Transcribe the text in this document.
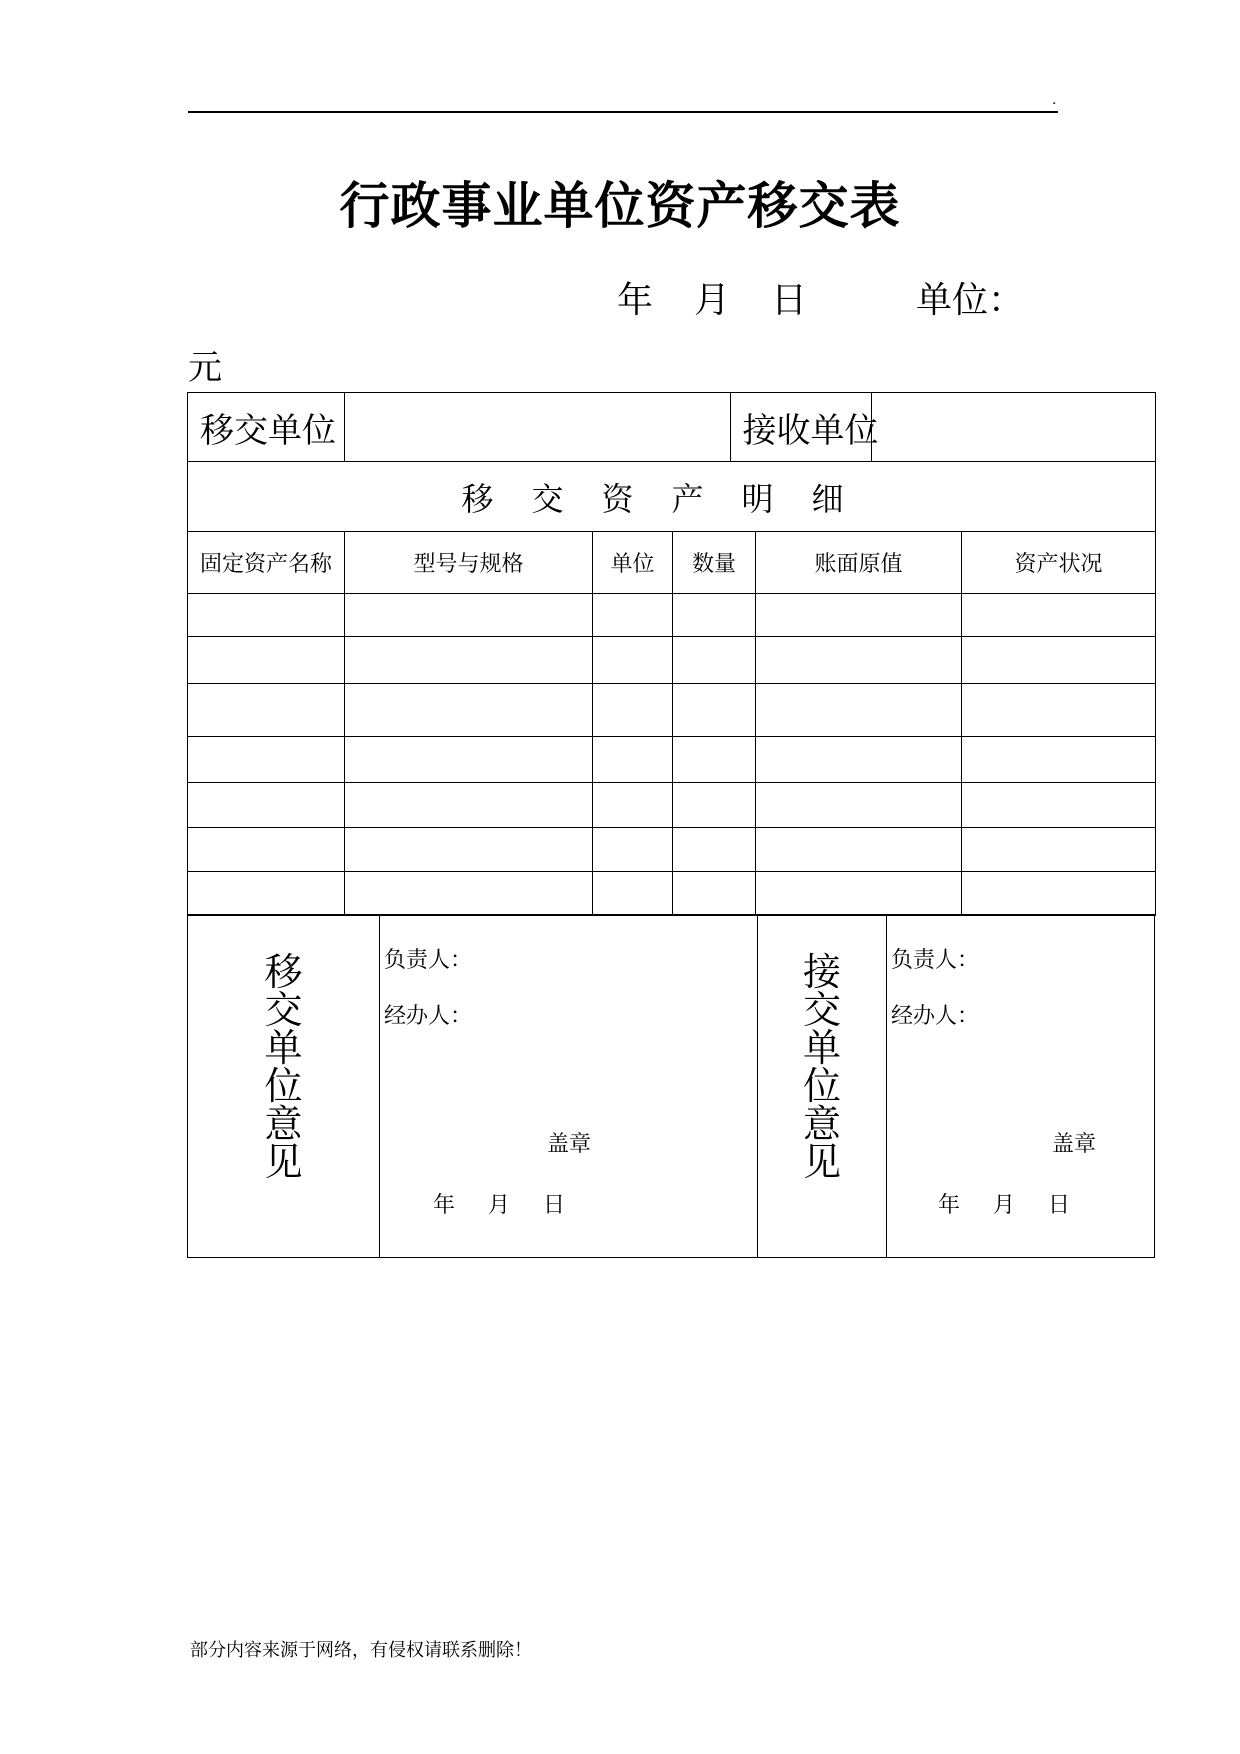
.
行政事业单位资产移交表
年 月 日	单位：
元
移交单位			接收单位		

移交资产明细					
固定资产名称	型号与规格	单位	数量	账面原值	资产状况

移
交
单
位
意
见

负责人：
经办人：
盖章
年 月 日

接
交
单
位
意
见

负责人：
经办人：
盖章
年 月 日
部分内容来源于网络，有侵权请联系删除！
